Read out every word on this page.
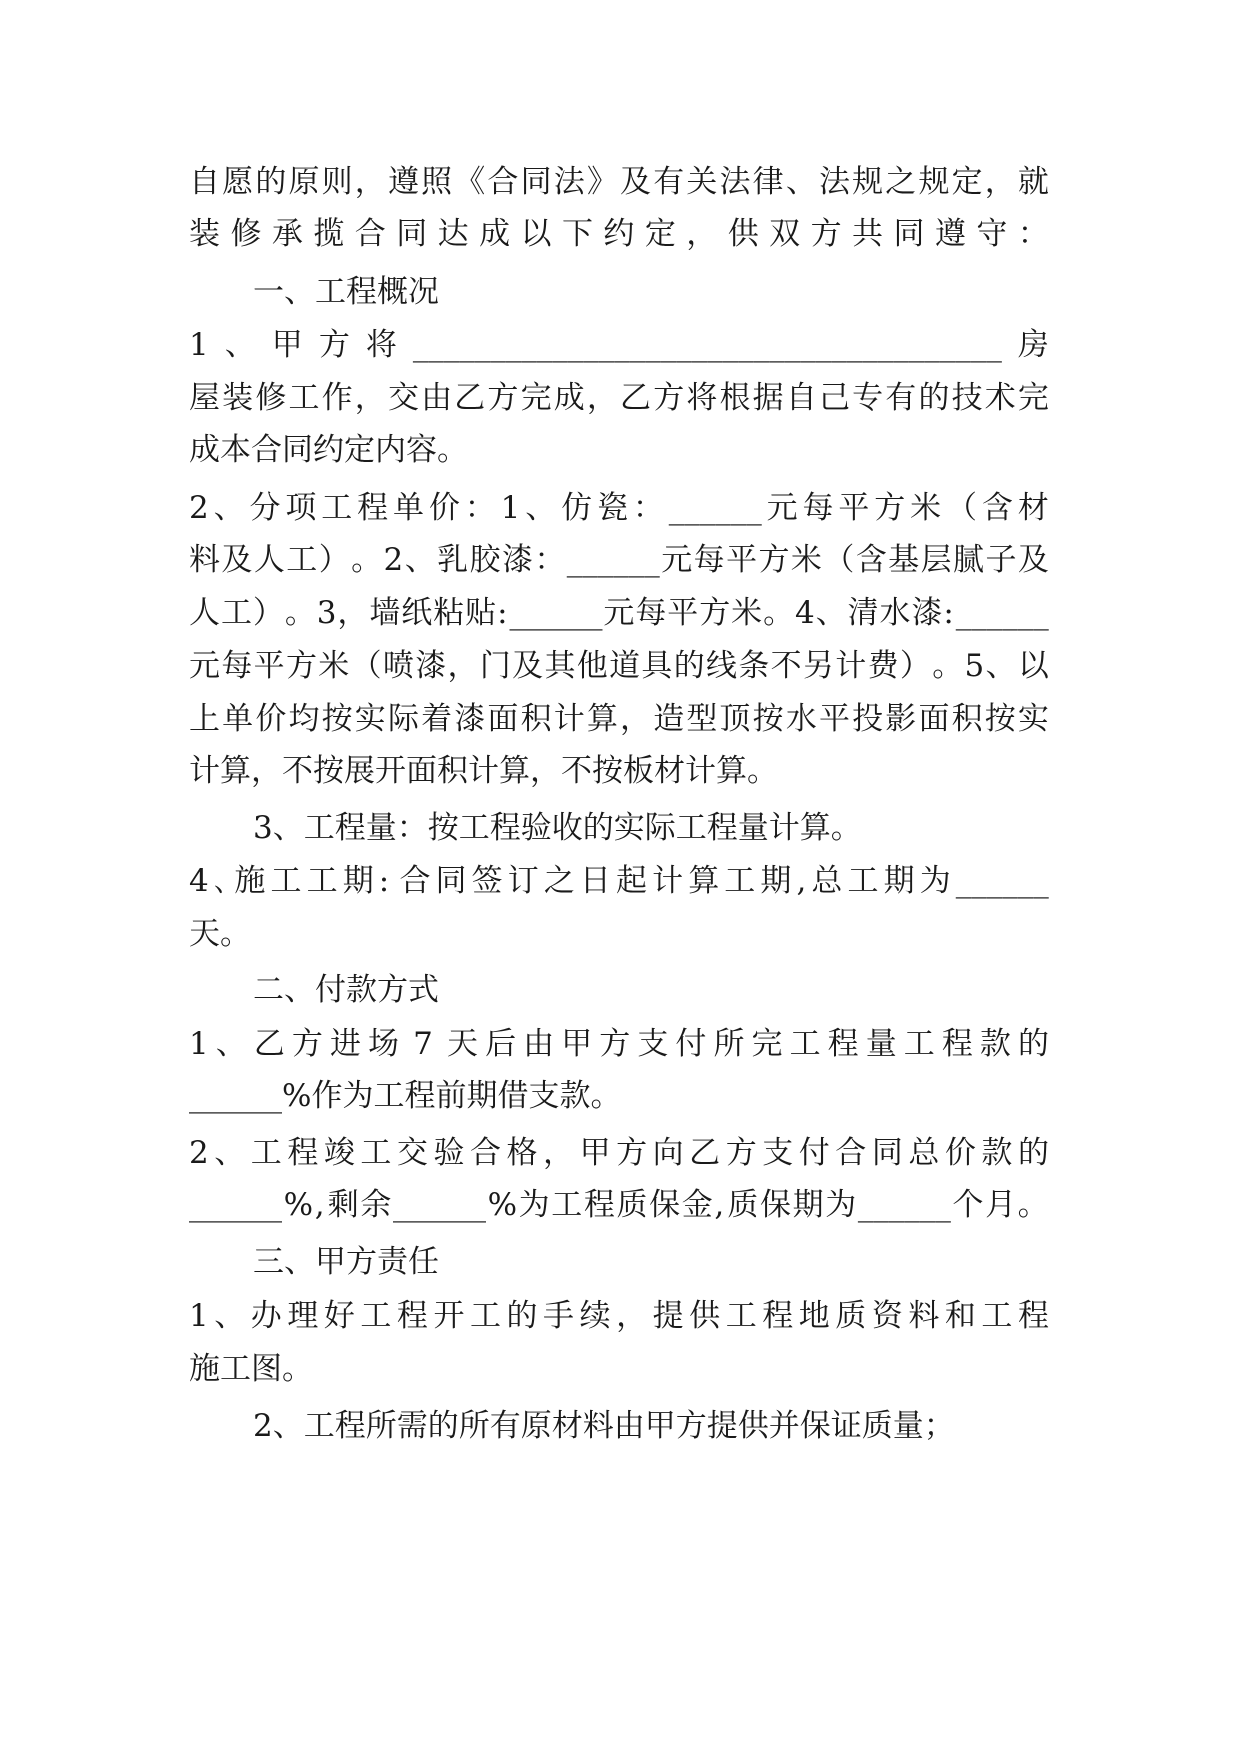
自 愿 的 原 则 ， 遵 照 《 合 同 法 》 及 有 关 法 律 、 法 规 之 规 定 ， 就
装 修 承 揽 合 同 达 成 以 下 约 定 ， 供 双 方 共 同 遵 守 ：
一、工程概况
1 、 甲 方 将 ______________________________________ 房
屋 装 修 工 作 ， 交 由 乙 方 完 成 ， 乙 方 将 根 据 自 己 专 有 的 技 术 完
成本合同约定内容。
2 、 分 项 工 程 单 价 ： 1 、 仿 瓷 ： ______ 元 每 平 方 米 （ 含 材
料 及 人 工 ） 。 2 、 乳 胶 漆 ： ______ 元 每 平 方 米 （ 含 基 层 腻 子 及
人 工 ） 。 3 ， 墙 纸 粘 贴 : ______ 元 每 平 方 米 。 4 、 清 水 漆 : ______
元 每 平 方 米 （ 喷 漆 ， 门 及 其 他 道 具 的 线 条 不 另 计 费 ） 。 5 、 以
上 单 价 均 按 实 际 着 漆 面 积 计 算 ， 造 型 顶 按 水 平 投 影 面 积 按 实
计算，不按展开面积计算，不按板材计算。
3、工程量：按工程验收的实际工程量计算。
4 ､ 施 工 工 期 : 合 同 签 订 之 日 起 计 算 工 期 , 总 工 期 为 ______
天。
二、付款方式
1 、 乙 方 进 场 7 天 后 由 甲 方 支 付 所 完 工 程 量 工 程 款 的
______%作为工程前期借支款。
2 、 工 程 竣 工 交 验 合 格 ， 甲 方 向 乙 方 支 付 合 同 总 价 款 的
______ % , 剩 余 ______ % 为 工 程 质 保 金 , 质 保 期 为 ______ 个 月 。
三、甲方责任
1 、 办 理 好 工 程 开 工 的 手 续 ， 提 供 工 程 地 质 资 料 和 工 程
施工图。
2、工程所需的所有原材料由甲方提供并保证质量；
